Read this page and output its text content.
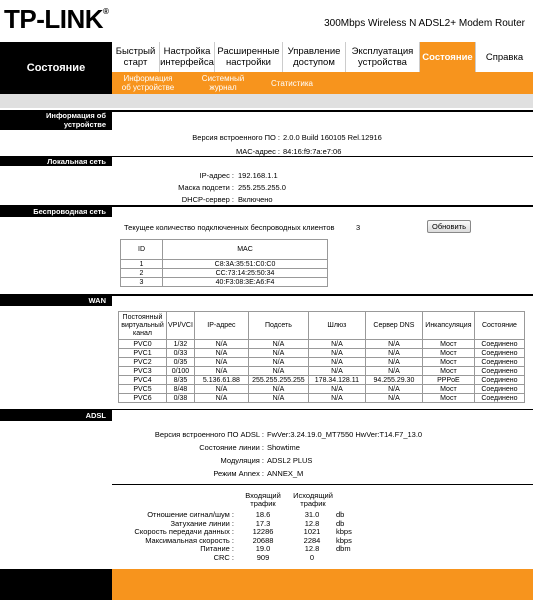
TP-LINK®
300Mbps Wireless N ADSL2+ Modem Router
Состояние
Быстрый старт
Настройка интерфейса
Расширенные настройки
Управление доступом
Эксплуатация устройства	Состояние	Справка
Информация об устройстве
Системный журнал	Статистика
Информация об устройстве
Версия встроенного ПО : 2.0.0 Build 160105 Rel.12916
MAC-адрес : 84:16:f9:7a:e7:06
Локальная сеть
IP-адрес : 192.168.1.1
Маска подсети : 255.255.255.0
DHCP-сервер : Включено
Беспроводная сеть
Текущее количество подключенных беспроводных клиентов	3	Обновить
ID	MAC
1	C8:3A:35:51:C0:C0
2	CC:73:14:25:50:34
3	40:F3:08:3E:A6:F4
WAN
Постоянный виртуальный канал	VPI/VCI	IP-адрес	Подсеть	Шлюз	Сервер DNS	Инкапсуляция	Состояние
PVC0	1/32	N/A	N/A	N/A	N/A	Мост	Соединено
PVC1	0/33	N/A	N/A	N/A	N/A	Мост	Соединено
PVC2	0/35	N/A	N/A	N/A	N/A	Мост	Соединено
PVC3	0/100	N/A	N/A	N/A	N/A	Мост	Соединено
PVC4	8/35	5.136.61.88	255.255.255.255	178.34.128.11	94.255.29.30	PPPoE	Соединено
PVC5	8/48	N/A	N/A	N/A	N/A	Мост	Соединено
PVC6	0/38	N/A	N/A	N/A	N/A	Мост	Соединено
ADSL
Версия встроенного ПО ADSL : FwVer:3.24.19.0_MT7550 HwVer:T14.F7_13.0
Состояние линии : Showtime
Модуляция : ADSL2 PLUS
Режим Annex : ANNEX_M
Входящий трафик
Исходящий трафик
Отношение сигнал/шум :	18.6	31.0	db
Затухание линии :	17.3	12.8	db
Скорость передачи данных :	12286	1021	kbps
Максимальная скорость :	20688	2284	kbps
Питание :	19.0	12.8	dbm
CRC :	909	0
